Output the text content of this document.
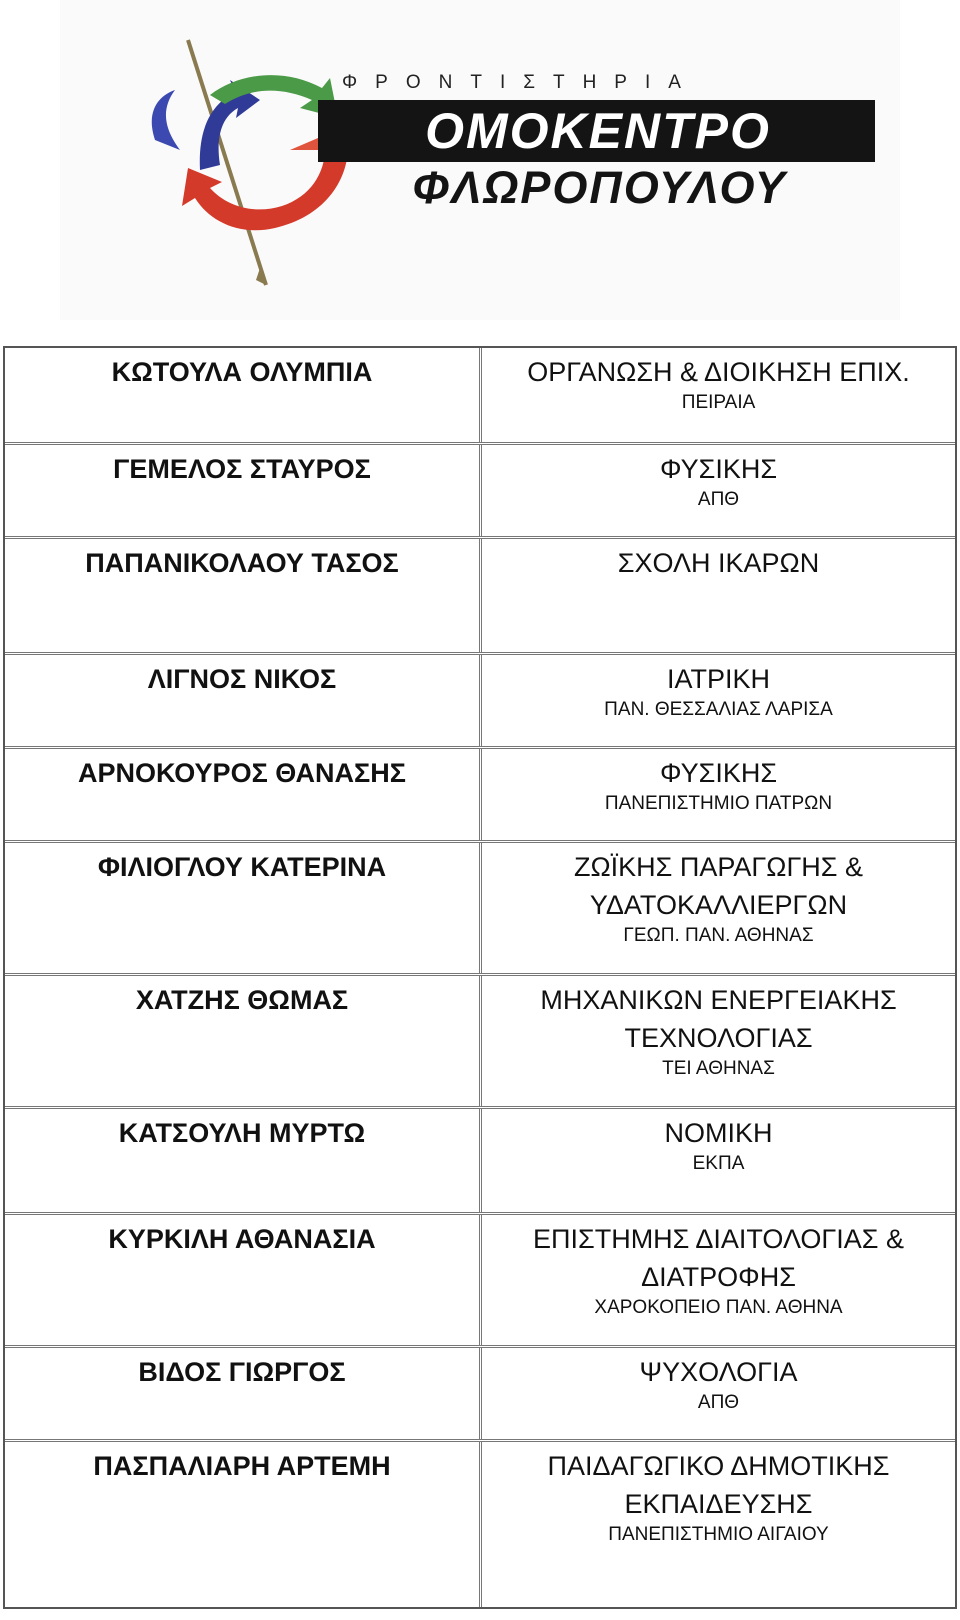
ΦΡΟΝΤΙΣΤΗΡΙΑ
ΟΜΟΚΕΝΤΡΟ
ΦΛΩΡΟΠΟΥΛΟΥ
ΚΩΤΟΥΛΑ ΟΛΥΜΠΙΑ	ΟΡΓΑΝΩΣΗ & ΔΙΟΙΚΗΣΗ ΕΠΙΧ.
ΠΕΙΡΑΙΑ
ΓΕΜΕΛΟΣ ΣΤΑΥΡΟΣ	ΦΥΣΙΚΗΣ
ΑΠΘ
ΠΑΠΑΝΙΚΟΛΑΟΥ ΤΑΣΟΣ	ΣΧΟΛΗ ΙΚΑΡΩΝ
ΛΙΓΝΟΣ ΝΙΚΟΣ	ΙΑΤΡΙΚΗ
ΠΑΝ. ΘΕΣΣΑΛΙΑΣ ΛΑΡΙΣΑ
ΑΡΝΟΚΟΥΡΟΣ ΘΑΝΑΣΗΣ	ΦΥΣΙΚΗΣ
ΠΑΝΕΠΙΣΤΗΜΙΟ ΠΑΤΡΩΝ
ΦΙΛΙΟΓΛΟΥ ΚΑΤΕΡΙΝΑ	ΖΩΪΚΗΣ ΠΑΡΑΓΩΓΗΣ &
ΥΔΑΤΟΚΑΛΛΙΕΡΓΩΝ
ΓΕΩΠ. ΠΑΝ. ΑΘΗΝΑΣ
ΧΑΤΖΗΣ ΘΩΜΑΣ	ΜΗΧΑΝΙΚΩΝ ΕΝΕΡΓΕΙΑΚΗΣ
ΤΕΧΝΟΛΟΓΙΑΣ
ΤΕΙ ΑΘΗΝΑΣ
ΚΑΤΣΟΥΛΗ ΜΥΡΤΩ	ΝΟΜΙΚΗ
ΕΚΠΑ
ΚΥΡΚΙΛΗ ΑΘΑΝΑΣΙΑ	ΕΠΙΣΤΗΜΗΣ ΔΙΑΙΤΟΛΟΓΙΑΣ &
ΔΙΑΤΡΟΦΗΣ
ΧΑΡΟΚΟΠΕΙΟ ΠΑΝ. ΑΘΗΝΑ
ΒΙΔΟΣ ΓΙΩΡΓΟΣ	ΨΥΧΟΛΟΓΙΑ
ΑΠΘ
ΠΑΣΠΑΛΙΑΡΗ ΑΡΤΕΜΗ	ΠΑΙΔΑΓΩΓΙΚΟ ΔΗΜΟΤΙΚΗΣ
ΕΚΠΑΙΔΕΥΣΗΣ
ΠΑΝΕΠΙΣΤΗΜΙΟ ΑΙΓΑΙΟΥ
